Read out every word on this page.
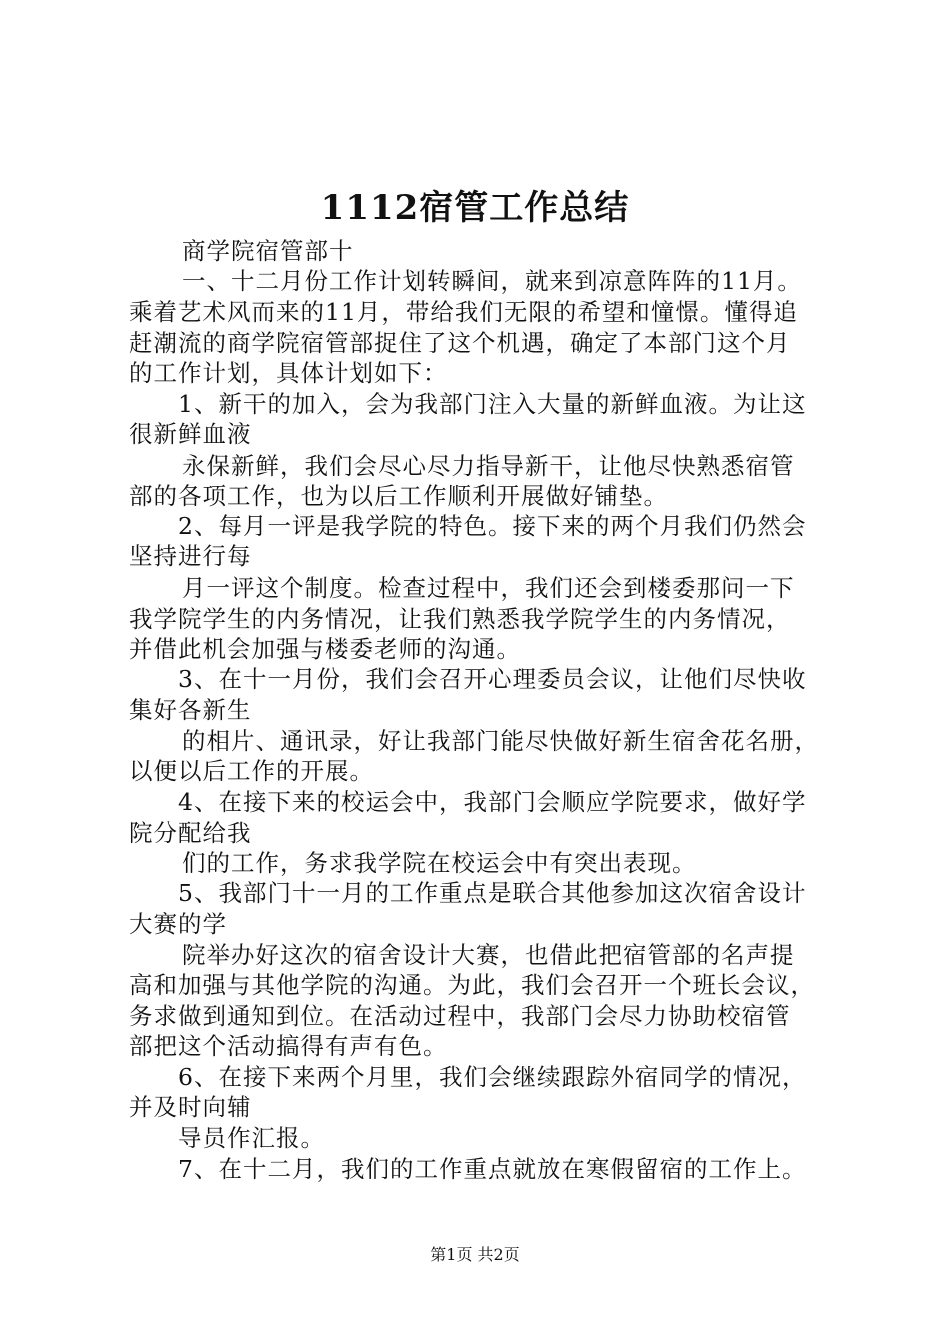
1112宿管工作总结
商学院宿管部十
一、十二月份工作计划转瞬间，就来到凉意阵阵的11月。
乘着艺术风而来的11月，带给我们无限的希望和憧憬。懂得追
赶潮流的商学院宿管部捉住了这个机遇，确定了本部门这个月
的工作计划，具体计划如下：
1、新干的加入，会为我部门注入大量的新鲜血液。为让这
很新鲜血液
永保新鲜，我们会尽心尽力指导新干，让他尽快熟悉宿管
部的各项工作，也为以后工作顺利开展做好铺垫。
2、每月一评是我学院的特色。接下来的两个月我们仍然会
坚持进行每
月一评这个制度。检查过程中，我们还会到楼委那问一下
我学院学生的内务情况，让我们熟悉我学院学生的内务情况，
并借此机会加强与楼委老师的沟通。
3、在十一月份，我们会召开心理委员会议，让他们尽快收
集好各新生
的相片、通讯录，好让我部门能尽快做好新生宿舍花名册，
以便以后工作的开展。
4、在接下来的校运会中，我部门会顺应学院要求，做好学
院分配给我
们的工作，务求我学院在校运会中有突出表现。
5、我部门十一月的工作重点是联合其他参加这次宿舍设计
大赛的学
院举办好这次的宿舍设计大赛，也借此把宿管部的名声提
高和加强与其他学院的沟通。为此，我们会召开一个班长会议，
务求做到通知到位。在活动过程中，我部门会尽力协助校宿管
部把这个活动搞得有声有色。
6、在接下来两个月里，我们会继续跟踪外宿同学的情况，
并及时向辅
导员作汇报。
7、在十二月，我们的工作重点就放在寒假留宿的工作上。
第1页 共2页
